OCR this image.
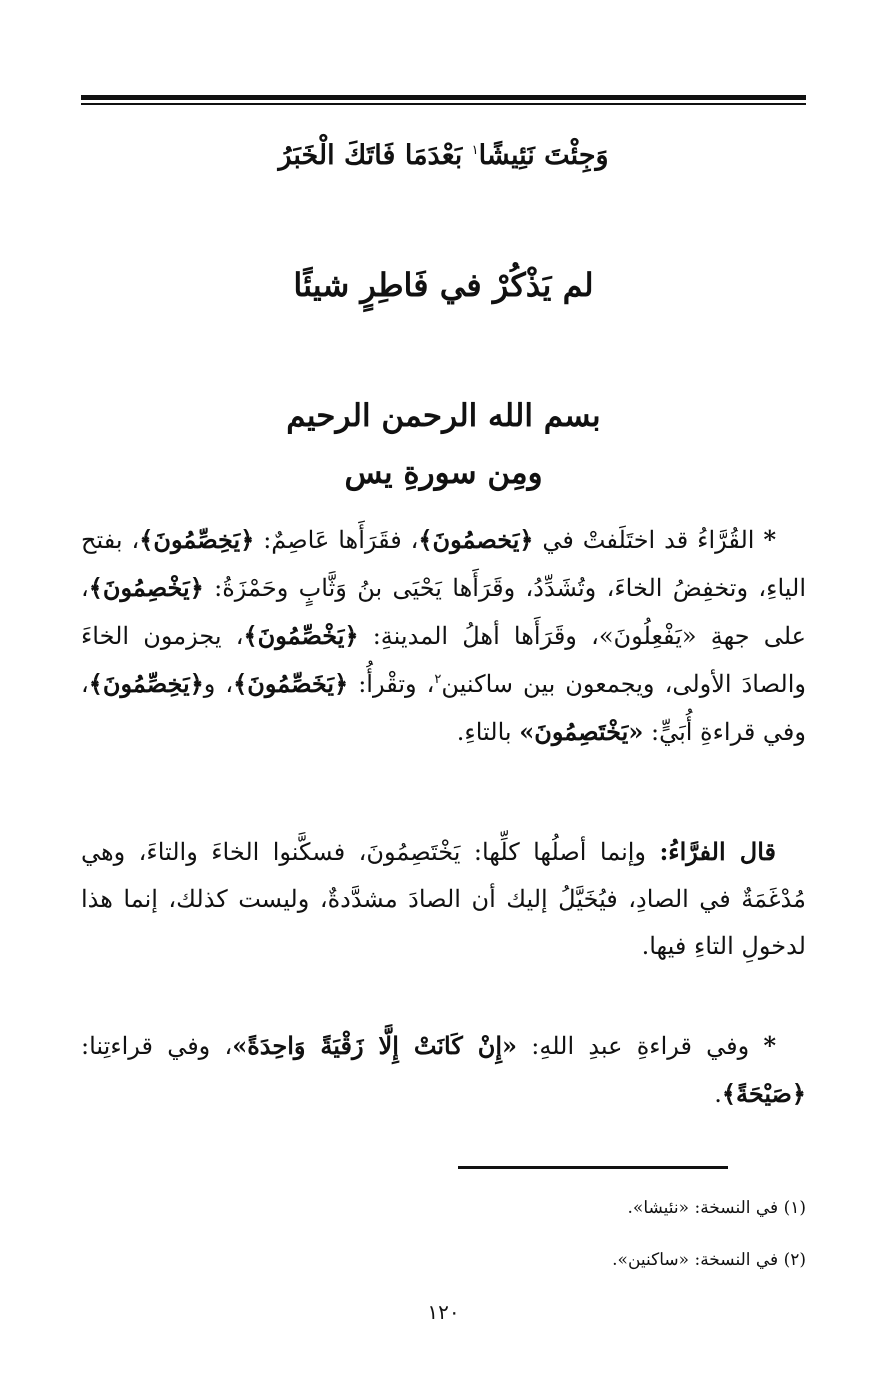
وَجِئْتَ نَئِيشًا$^١$ بَعْدَمَا فَاتَكَ الْخَبَرُ
لم يَذْكُرْ في فَاطِرٍ شيئًا
بسم الله الرحمن الرحيم
ومِن سورةِ يس
* القُرَّاءُ قد اختَلَفتْ في ﴿يَخصمُونَ﴾، فقَرَأَها عَاصِمٌ: ﴿يَخِصِّمُونَ﴾، بفتح الياءِ، وتخفِضُ الخاءَ، وتُشَدِّدُ، وقَرَأَها يَحْيَى بنُ وَثَّابٍ وحَمْزَةُ: ﴿يَخْصِمُونَ﴾، على جهةِ «يَفْعِلُونَ»، وقَرَأَها أهلُ المدينةِ: ﴿يَخْصِّمُونَ﴾، يجزمون الخاءَ والصادَ الأولى، ويجمعون بين ساكنين$^٢$، وتقْرأُ: ﴿يَخَصِّمُونَ﴾، و﴿يَخِصِّمُونَ﴾، وفي قراءةِ أُبَيٍّ: «يَخْتَصِمُونَ» بالتاءِ.
قال الفرَّاءُ: وإنما أصلُها كلِّها: يَخْتَصِمُونَ، فسكَّنوا الخاءَ والتاءَ، وهي مُدْغَمَةٌ في الصادِ، فيُخَيَّلُ إليك أن الصادَ مشدَّدةٌ، وليست كذلك، إنما هذا لدخولِ التاءِ فيها.
* وفي قراءةِ عبدِ اللهِ: «إِنْ كَانَتْ إِلَّا زَقْيَةً وَاحِدَةً»، وفي قراءتِنا: ﴿صَيْحَةً﴾.
(١) في النسخة: «نئيشا».
(٢) في النسخة: «ساكنين».
١٢٠
